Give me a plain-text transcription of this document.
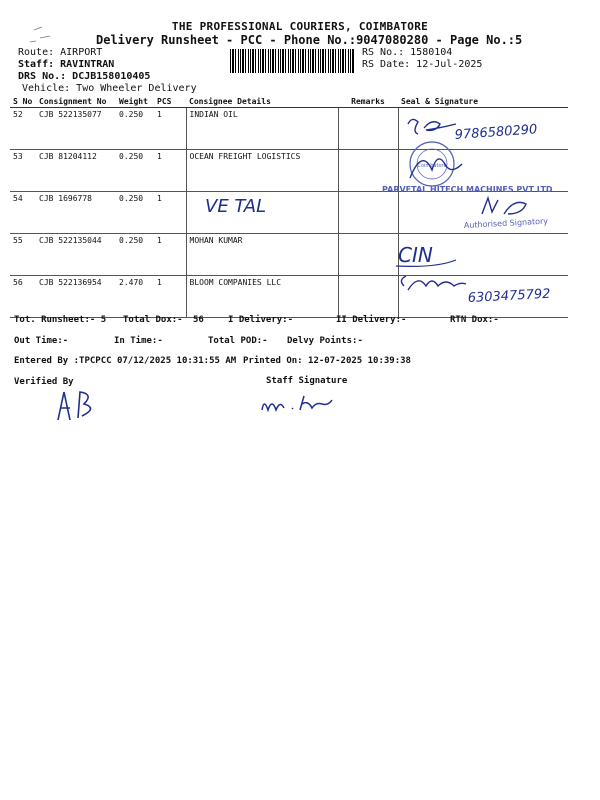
THE PROFESSIONAL COURIERS, COIMBATORE
Delivery Runsheet - PCC - Phone No.:9047080280 - Page No.:5
Route: AIRPORT
Staff: RAVINTRAN
DRS No.: DCJB158010405
Vehicle: Two Wheeler Delivery
RS No.: 1580104
RS Date: 12-Jul-2025
S No	Consignment No	Weight	PCS	Consignee Details	Remarks	Seal & Signature
52	CJB 522135077	0.250	1	INDIAN OIL		
53	CJB 81204112	0.250	1	OCEAN FREIGHT LOGISTICS		
54	CJB 1696778	0.250	1			
55	CJB 522135044	0.250	1	MOHAN KUMAR		
56	CJB 522136954	2.470	1	BLOOM COMPANIES LLC		
Tot. Runsheet:- 5 Total Dox:- 56	I Delivery:-	II Delivery:-	RTN Dox:-
Out Time:-	In Time:-	Total POD:- Delvy Points:-
Entered By :TPCPCC 07/12/2025 10:31:55 AM Printed On: 12-07-2025 10:39:38
Verified By	Staff Signature
9786580290
Coimbatore
PARVETAL HITECH MACHINES PVT LTD
Authorised Signatory
VE TAL
CIN
6303475792
